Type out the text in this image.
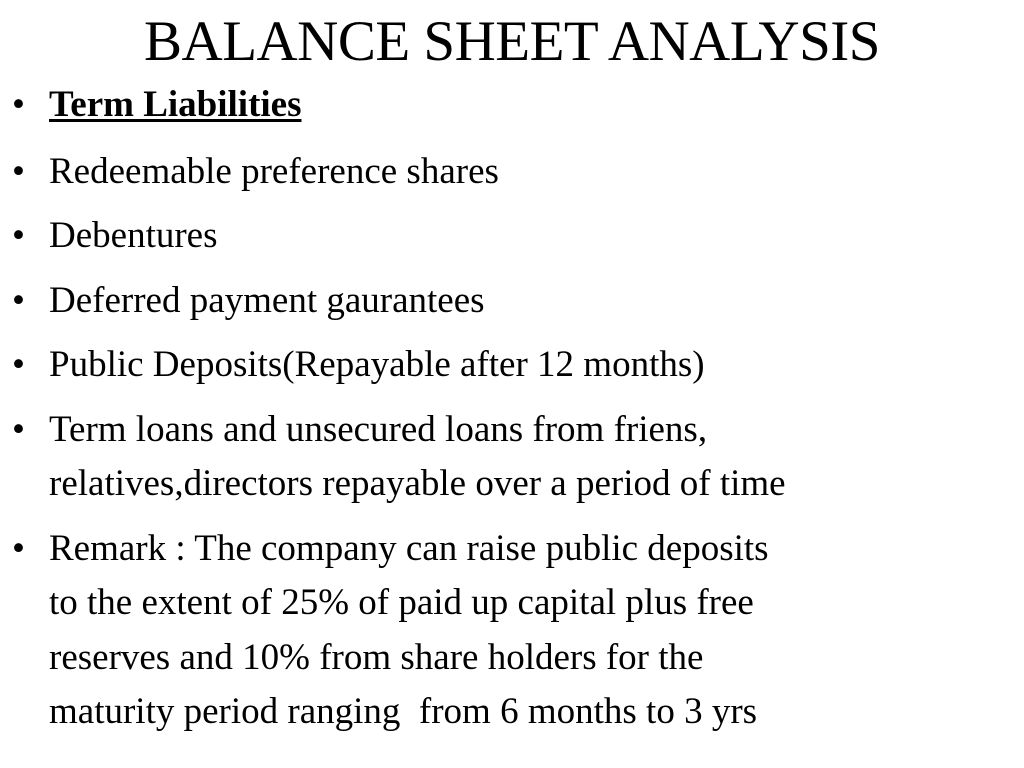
BALANCE SHEET ANALYSIS
• Term Liabilities
• Redeemable preference shares
• Debentures
• Deferred payment gaurantees
• Public Deposits(Repayable after 12 months)
• Term loans and unsecured loans from friens,
relatives,directors repayable over a period of time
• Remark : The company can raise public deposits
to the extent of 25% of paid up capital plus free
reserves and 10% from share holders for the
maturity period ranging  from 6 months to 3 yrs
